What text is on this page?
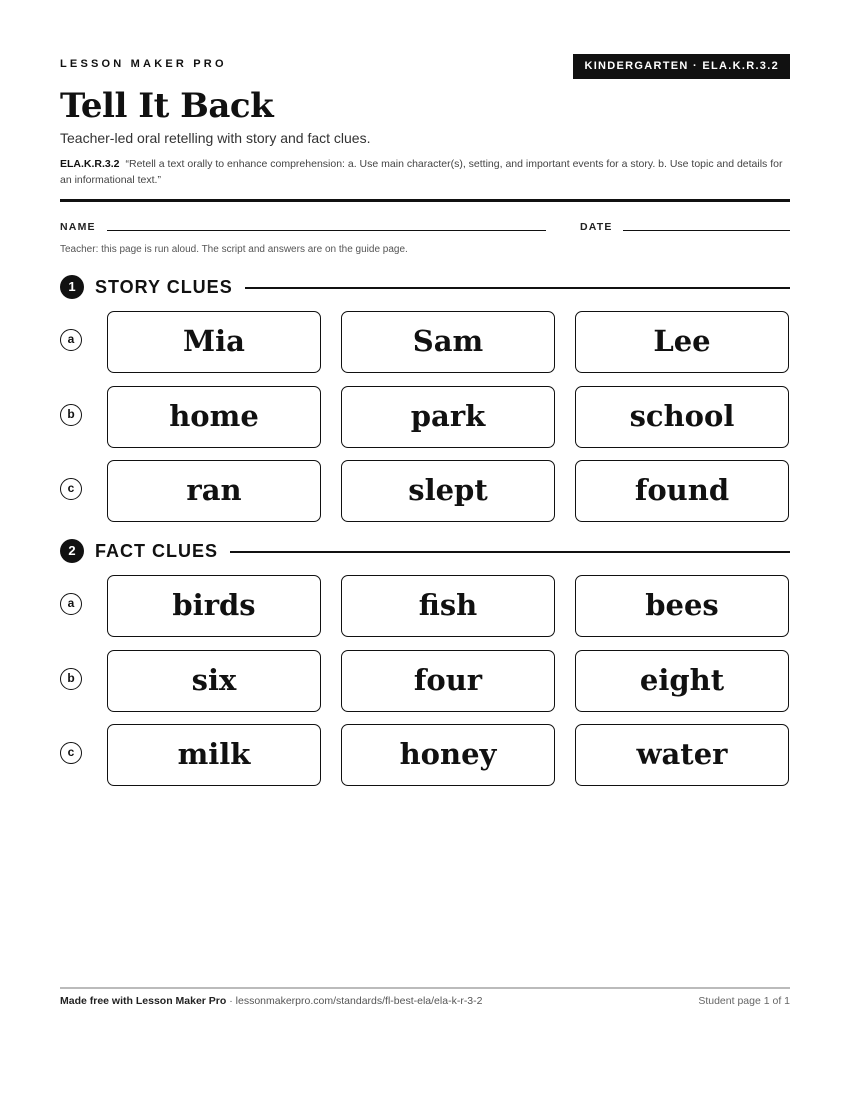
LESSON MAKER PRO	KINDERGARTEN · ELA.K.R.3.2
Tell It Back
Teacher-led oral retelling with story and fact clues.
ELA.K.R.3.2 “Retell a text orally to enhance comprehension: a. Use main character(s), setting, and important events for a story. b. Use topic and details for an informational text.”
NAME	DATE
Teacher: this page is run aloud. The script and answers are on the guide page.
1	STORY CLUES
a	Mia	Sam	Lee
b	home	park	school
c	ran	slept	found
2	FACT CLUES
a	birds	fish	bees
b	six	four	eight
c	milk	honey	water
Made free with Lesson Maker Pro · lessonmakerpro.com/standards/fl-best-ela/ela-k-r-3-2	Student page 1 of 1
